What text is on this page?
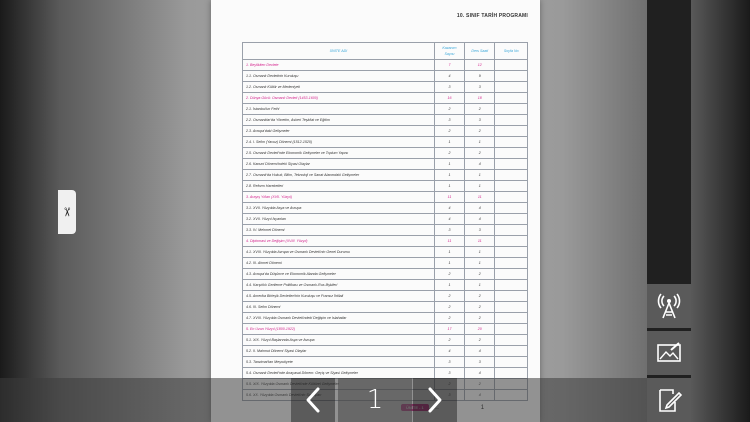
✂
10. SINIF TARİH PROGRAMI
ÜNİTE ADI	Kazanım Sayısı	Ders Saati	Soyfa No
1. Beyliklten Devlete	7	12	
1.1. Osmanlı Devletinin Kuruluşu	4	9	
1.2. Osmanlı Kültür ve Medeniyeti	3	3	
2. Dünya Gücü: Osmanlı Devleti (1453-1600)	16	18	
2.1. İstanbul'un Fethi	2	2	
2.2. Osmanlılar'da Yönetim, Askeri Teşkilat ve Eğitim	3	3	
2.3. Avrupa'daki Gelişmeler	2	2	
2.4. I. Selim (Yavuz) Dönemi (1512-1520)	1	1	
2.5. Osmanlı Devleti'nde Ekonomik Gelişmeler ve Toplum Yapısı	2	2	
2.6. Kanuni Dönemi'ndeki Siyasi Olaylar	1	4	
2.7. Osmanlı'da Hukuk, Bilim, Teknoloji ve Sanat Alanındaki Gelişmeler	1	1	
2.8. Reform Hareketleri	1	1	
3. Arayış Yılları (XVII. Yüzyıl)	11	11	
3.1. XVII. Yüzyılda Asya ve Avrupa	4	4	
3.2. XVII. Yüzyıl İsyanları	4	4	
3.3. IV. Mehmet Dönemi	3	3	
4. Diplomasi ve Değişim (XVIII. Yüzyıl)	11	11	
4.1. XVIII. Yüzyılda Avrupa ve Osmanlı Devleti'nin Genel Durumu	1	1	
4.2. III. Ahmet Dönemi	1	1	
4.3. Avrupa'da Düşünce ve Ekonomik Alanda Gelişmeler	2	2	
4.4. Karşılıklı Gerileme Politikası ve Osmanlı-Rus İlişkileri	1	1	
4.5. Amerika Birleşik Devletleri'nin Kuruluşu ve Fransız İhtilali	2	2	
4.6. III. Selim Dönemi	2	2	
4.7. XVIII. Yüzyılda Osmanlı Devleti'ndeki Değişim ve Islahatlar	2	2	
5. En Uzun Yüzyıl (1800-1922)	17	20	
5.1. XIX. Yüzyıl Başlarında Asya ve Avrupa	2	2	
5.2. II. Mahmut Dönemi Siyasi Olaylar	4	4	
5.3. Tanzimat'tan Meşrutiyete	3	3	
5.4. Osmanlı Devleti'nde Anayasal Dönem: Geçiş ve Siyasi Gelişmeler	3	4	

1
